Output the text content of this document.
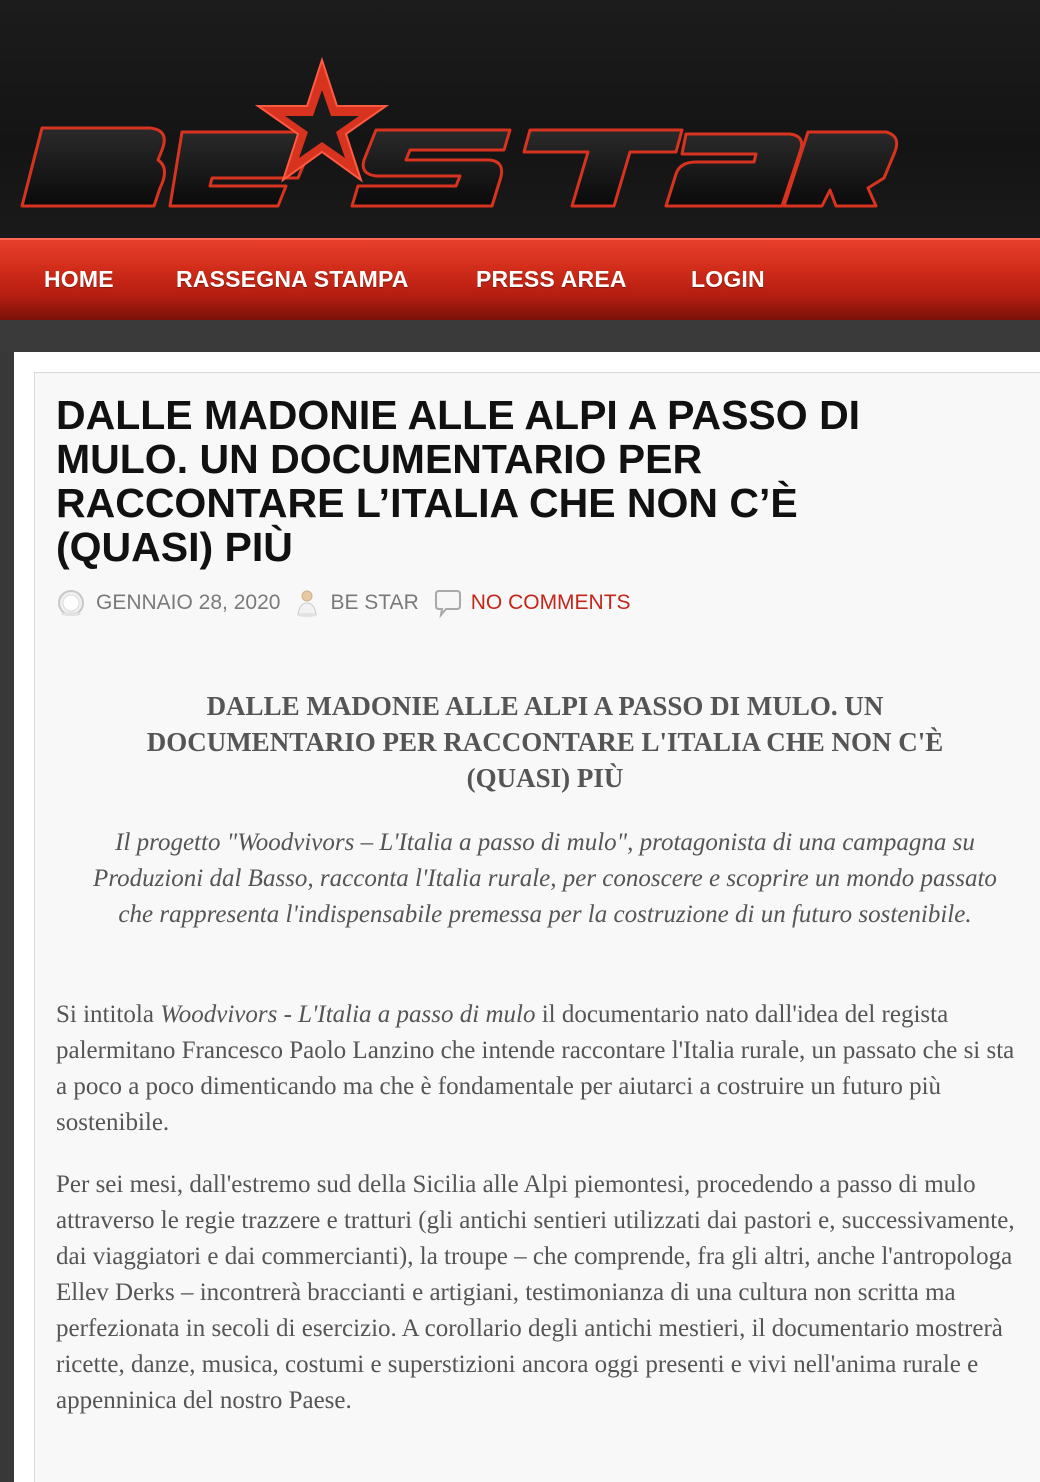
HOME	RASSEGNA STAMPA	PRESS AREA	LOGIN
DALLE MADONIE ALLE ALPI A PASSO DI MULO. UN DOCUMENTARIO PER RACCONTARE L’ITALIA CHE NON C’È (QUASI) PIÙ
GENNAIO 28, 2020 BE STAR NO COMMENTS
DALLE MADONIE ALLE ALPI A PASSO DI MULO. UN DOCUMENTARIO PER RACCONTARE L'ITALIA CHE NON C'È (QUASI) PIÙ

Il progetto "Woodvivors – L'Italia a passo di mulo", protagonista di una campagna su Produzioni dal Basso, racconta l'Italia rurale, per conoscere e scoprire un mondo passato che rappresenta l'indispensabile premessa per la costruzione di un futuro sostenibile.

Si intitola Woodvivors - L'Italia a passo di mulo il documentario nato dall'idea del regista palermitano Francesco Paolo Lanzino che intende raccontare l'Italia rurale, un passato che si sta a poco a poco dimenticando ma che è fondamentale per aiutarci a costruire un futuro più sostenibile.

Per sei mesi, dall'estremo sud della Sicilia alle Alpi piemontesi, procedendo a passo di mulo attraverso le regie trazzere e tratturi (gli antichi sentieri utilizzati dai pastori e, successivamente, dai viaggiatori e dai commercianti), la troupe – che comprende, fra gli altri, anche l'antropologa Ellev Derks – incontrerà braccianti e artigiani, testimonianza di una cultura non scritta ma perfezionata in secoli di esercizio. A corollario degli antichi mestieri, il documentario mostrerà ricette, danze, musica, costumi e superstizioni ancora oggi presenti e vivi nell'anima rurale e appenninica del nostro Paese.
